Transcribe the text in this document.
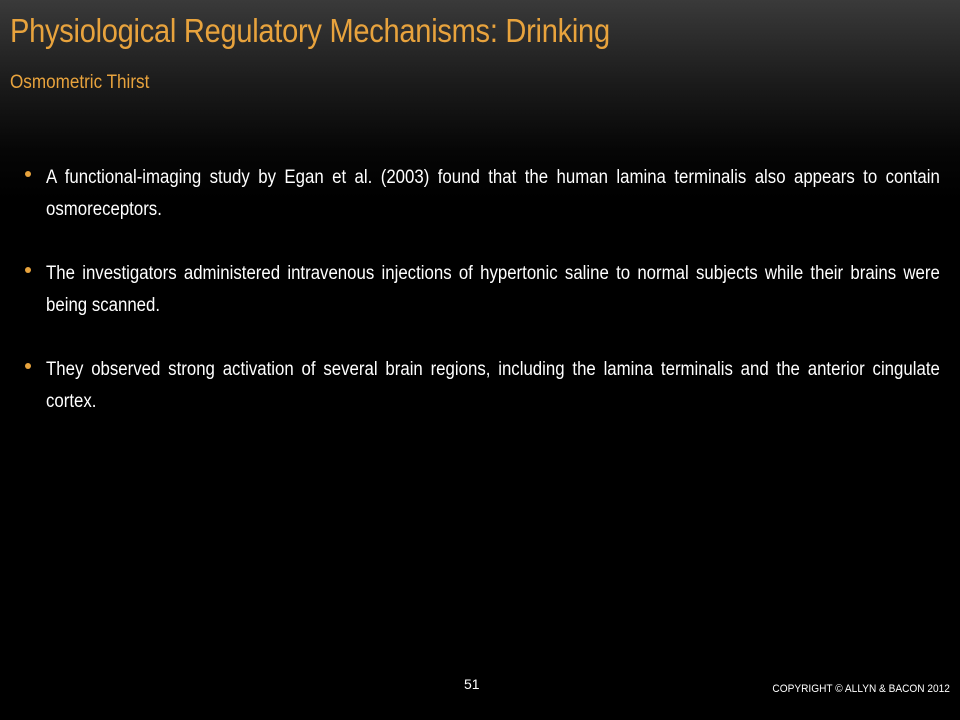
Physiological Regulatory Mechanisms: Drinking
Osmometric Thirst
A functional-imaging study by Egan et al. (2003) found that the human lamina terminalis also appears to contain osmoreceptors.
The investigators administered intravenous injections of hypertonic saline to normal subjects while their brains were being scanned.
They observed strong activation of several brain regions, including the lamina terminalis and the anterior cingulate cortex.
51	COPYRIGHT © ALLYN & BACON 2012
